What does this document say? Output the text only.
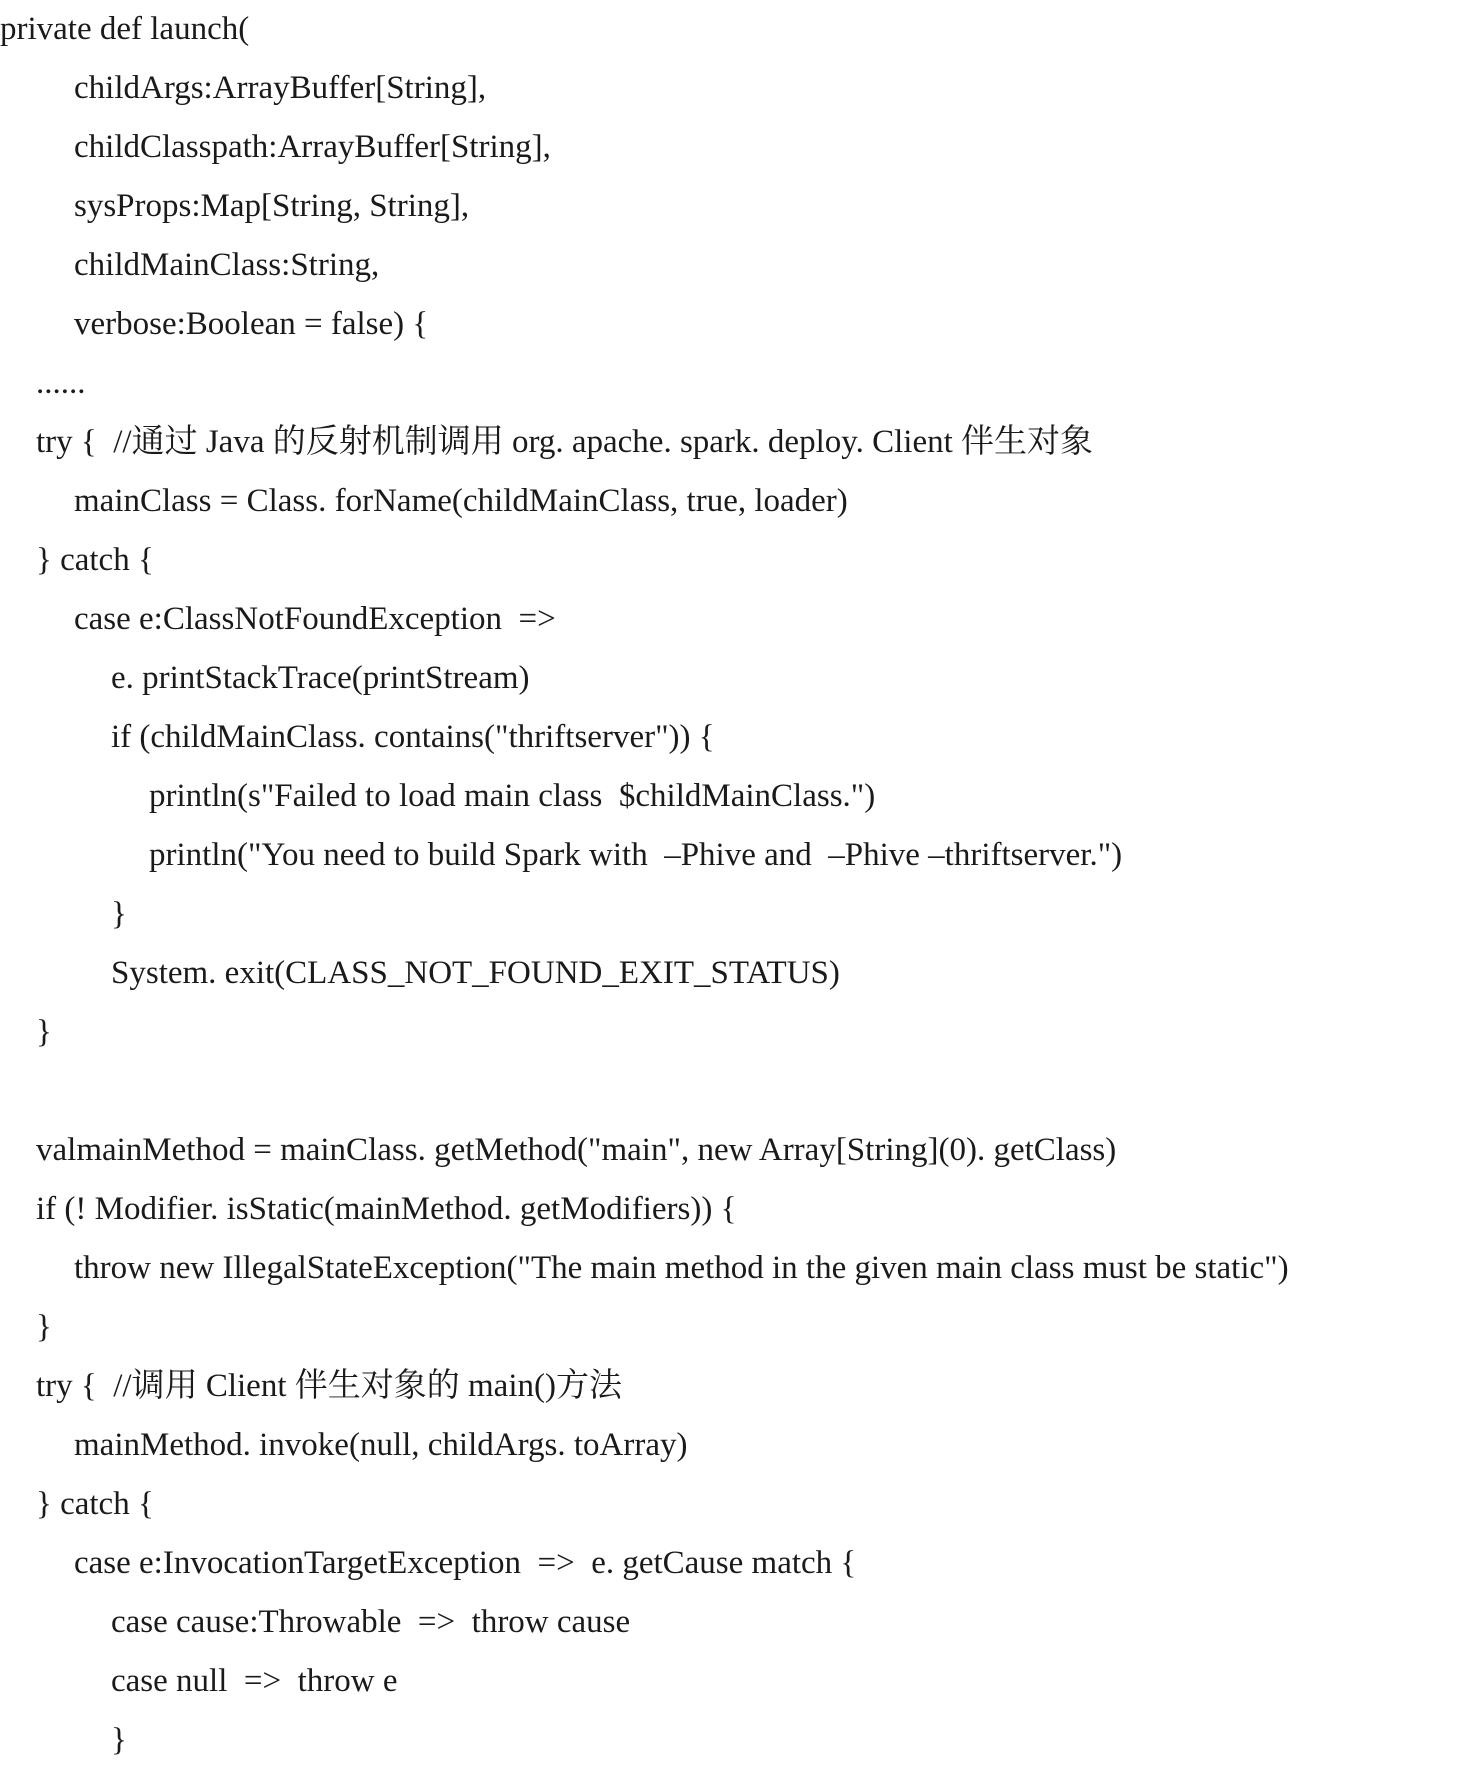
private def launch(
childArgs:ArrayBuffer[String],
childClasspath:ArrayBuffer[String],
sysProps:Map[String, String],
childMainClass:String,
verbose:Boolean = false) {
......
try {  //通过 Java 的反射机制调用 org. apache. spark. deploy. Client 伴生对象
mainClass = Class. forName(childMainClass, true, loader)
} catch {
case e:ClassNotFoundException  =>
e. printStackTrace(printStream)
if (childMainClass. contains("thriftserver")) {
println(s"Failed to load main class  $childMainClass.")
println("You need to build Spark with  –Phive and  –Phive –thriftserver.")
}
System. exit(CLASS_NOT_FOUND_EXIT_STATUS)
}
valmainMethod = mainClass. getMethod("main", new Array[String](0). getClass)
if (! Modifier. isStatic(mainMethod. getModifiers)) {
throw new IllegalStateException("The main method in the given main class must be static")
}
try {  //调用 Client 伴生对象的 main()方法
mainMethod. invoke(null, childArgs. toArray)
} catch {
case e:InvocationTargetException  =>  e. getCause match {
case cause:Throwable  =>  throw cause
case null  =>  throw e
}
